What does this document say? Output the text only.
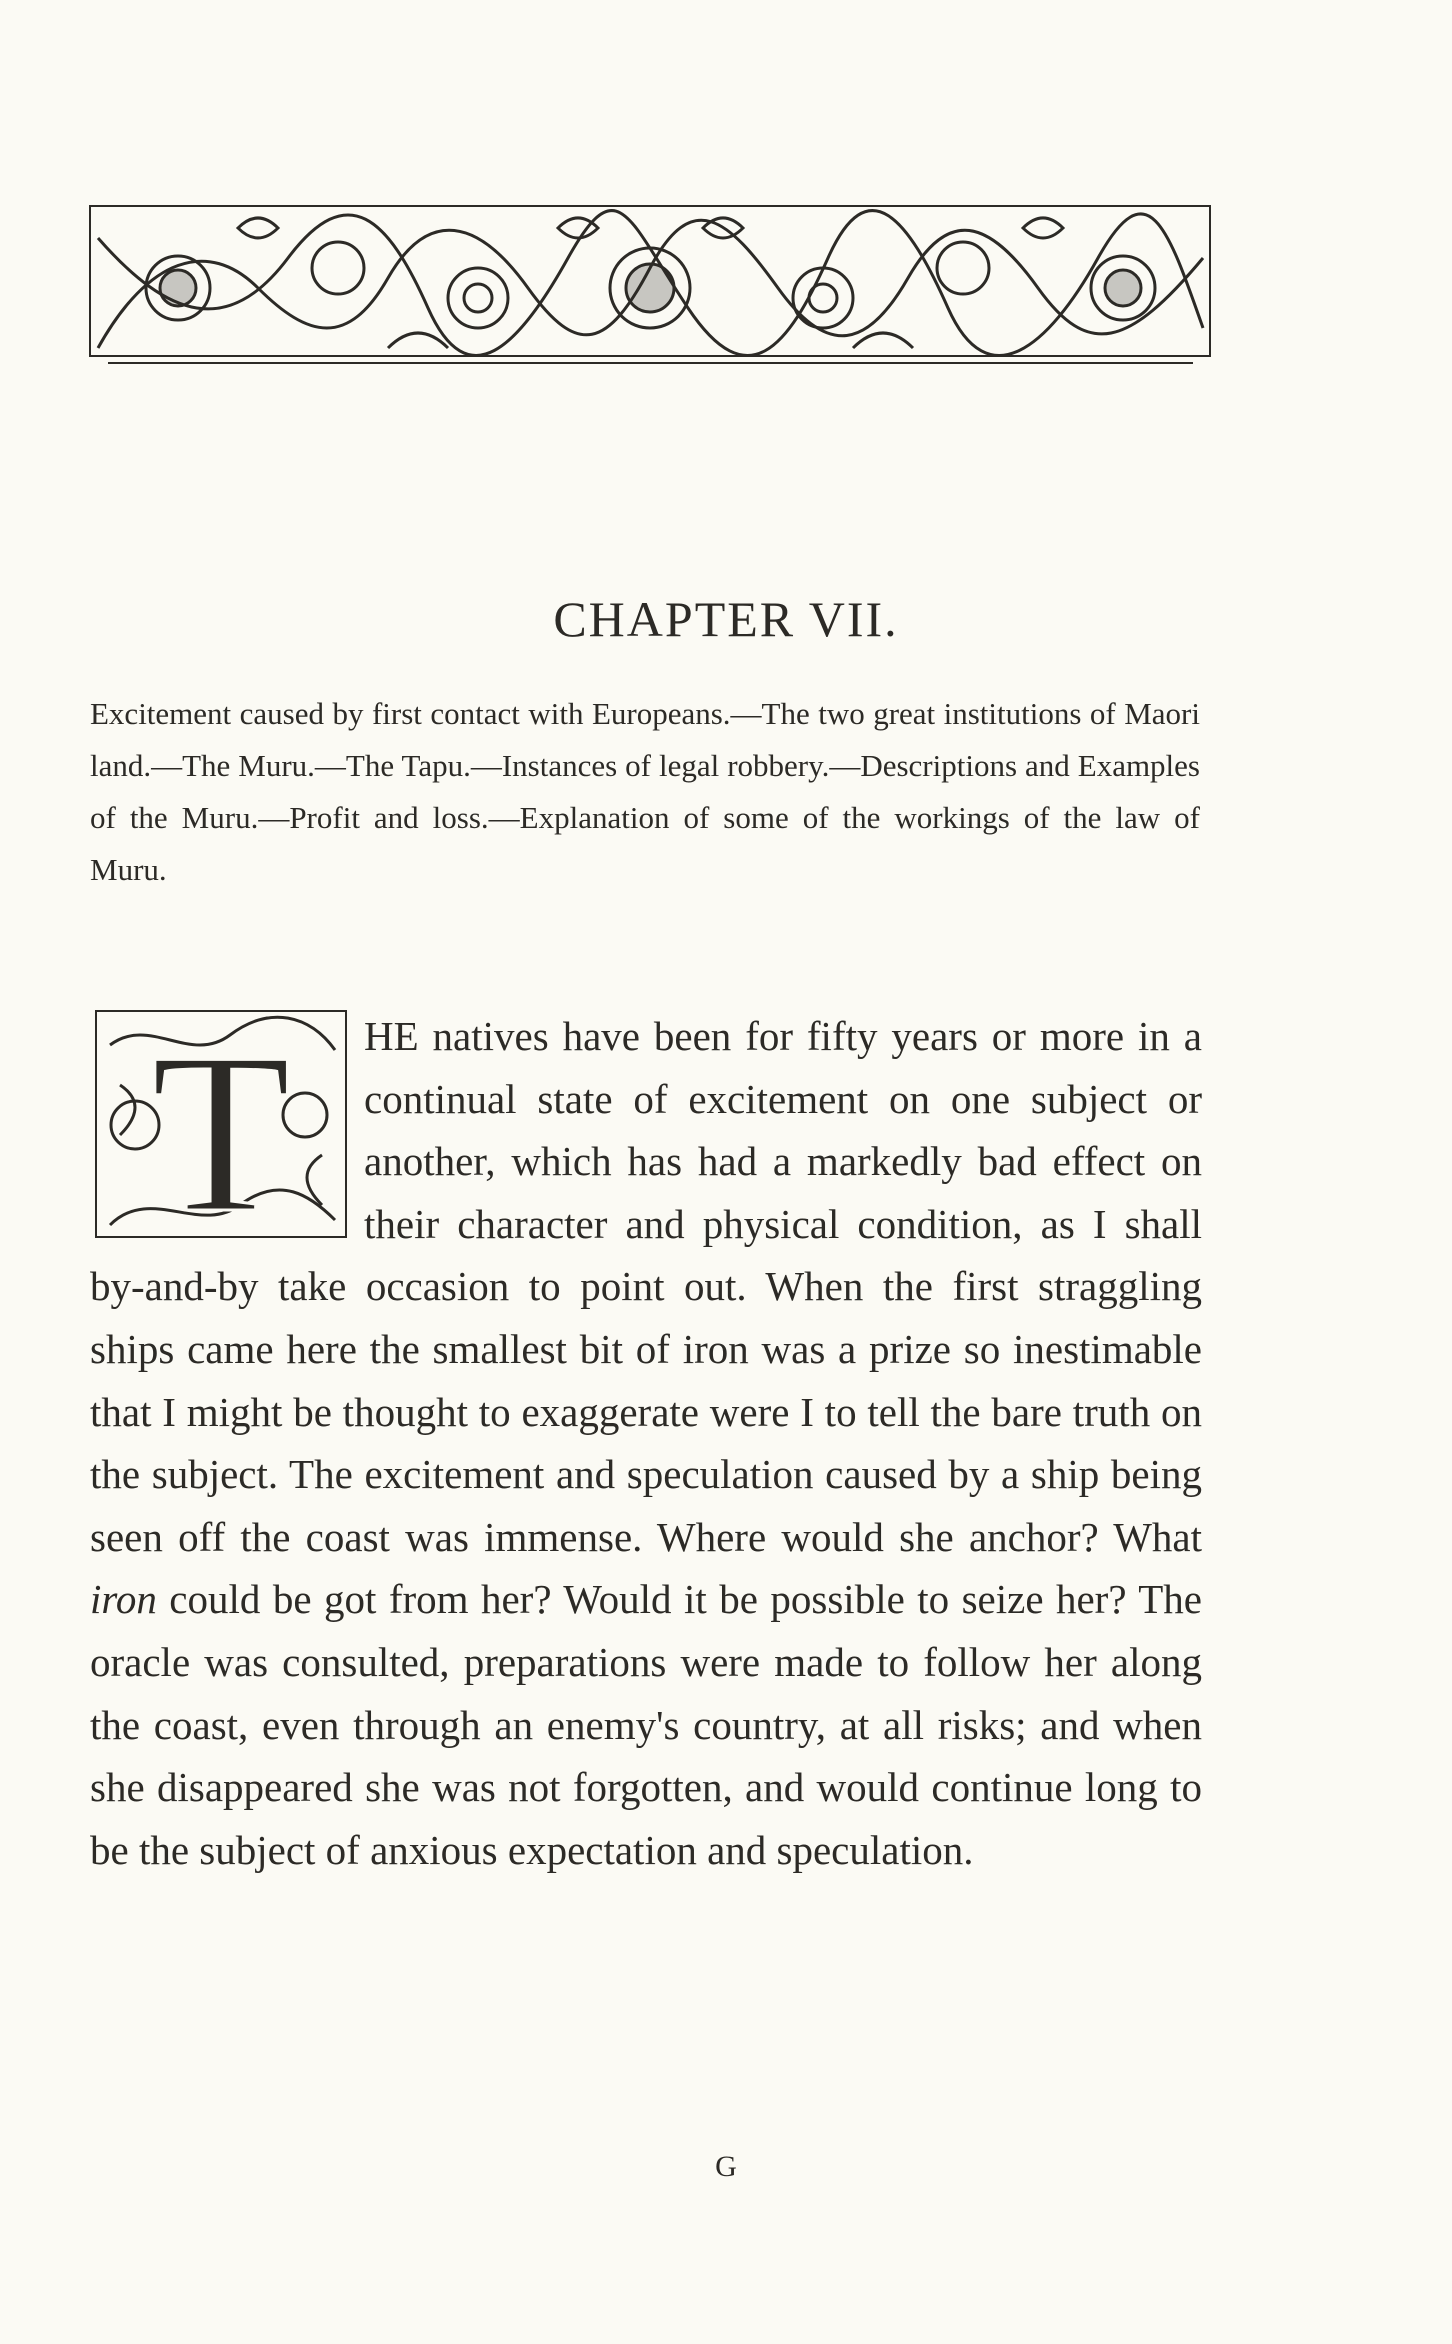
CHAPTER VII.

Excitement caused by first contact with Europeans.—The two great institutions of Maori land.—The Muru.—The Tapu.—Instances of legal robbery.—Descriptions and Examples of the Muru.—Profit and loss.—Explanation of some of the workings of the law of Muru.

T HE natives have been for fifty years or more in a continual state of excitement on one subject or another, which has had a markedly bad effect on their character and physical condition, as I shall by-and-by take occasion to point out. When the first straggling ships came here the smallest bit of iron was a prize so inestimable that I might be thought to exaggerate were I to tell the bare truth on the subject. The excitement and speculation caused by a ship being seen off the coast was immense. Where would she anchor? What iron could be got from her? Would it be possible to seize her? The oracle was consulted, preparations were made to follow her along the coast, even through an enemy's country, at all risks; and when she disappeared she was not forgotten, and would continue long to be the subject of anxious expectation and speculation.

G
